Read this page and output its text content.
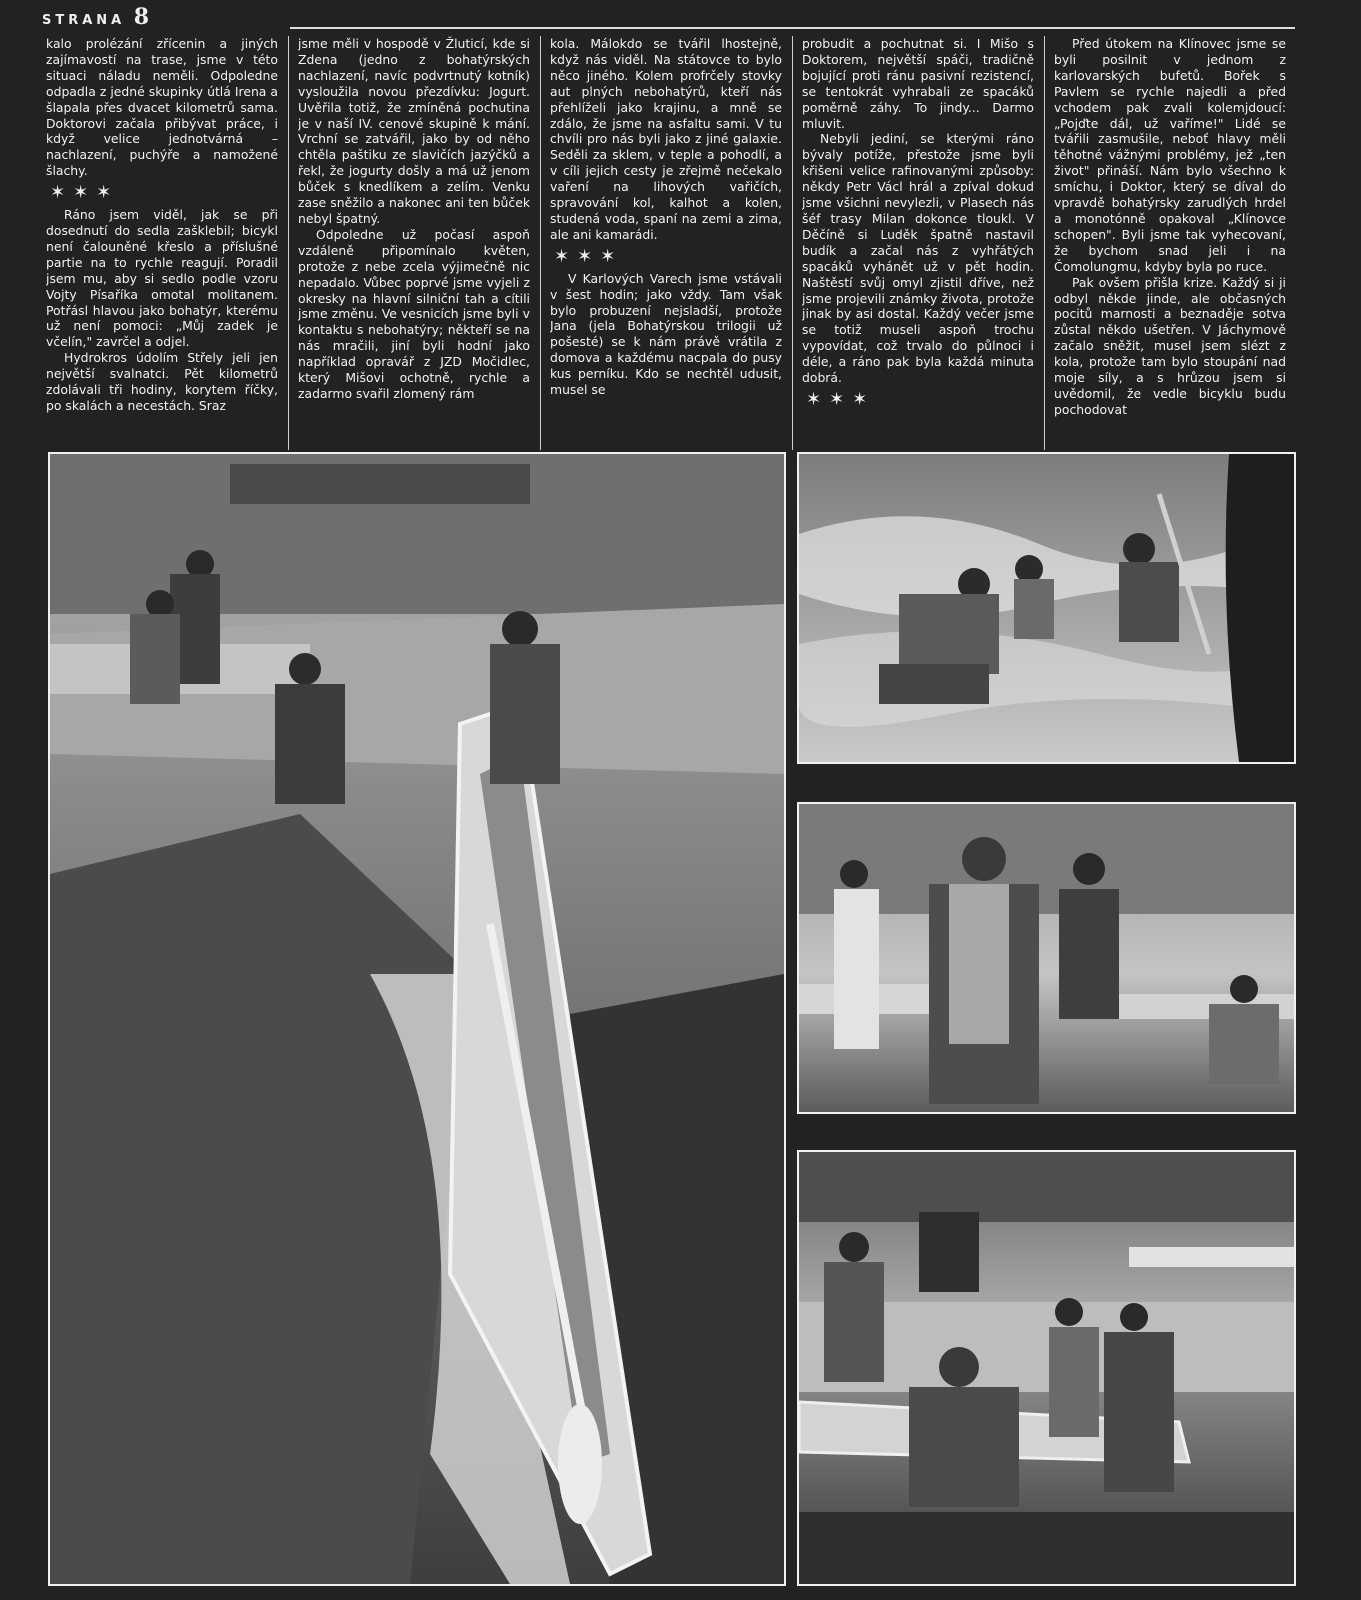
STRANA 8

kalo prolézání zřícenin a jiných zajímavostí na trase, jsme v této situaci náladu neměli. Odpoledne odpadla z jedné skupinky útlá Irena a šlapala přes dvacet kilometrů sama. Doktorovi začala přibývat práce, i když velice jednotvárná – nachlazení, puchýře a namožené šlachy.

✶✶✶

Ráno jsem viděl, jak se při dosednutí do sedla zašklebil; bicykl není čalouněné křeslo a příslušné partie na to rychle reagují. Poradil jsem mu, aby si sedlo podle vzoru Vojty Písaříka omotal molitanem. Potřásl hlavou jako bohatýr, kterému už není pomoci: „Můj zadek je včelín," zavrčel a odjel.

Hydrokros údolím Střely jeli jen největší svalnatci. Pět kilometrů zdolávali tři hodiny, korytem říčky, po skalách a necestách. Sraz

jsme měli v hospodě v Žluticí, kde si Zdena (jedno z bohatýrských nachlazení, navíc podvrtnutý kotník) vysloužila novou přezdívku: Jogurt. Uvěřila totiž, že zmíněná pochutina je v naší IV. cenové skupině k mání. Vrchní se zatvářil, jako by od něho chtěla paštiku ze slavičích jazýčků a řekl, že jogurty došly a má už jenom bůček s knedlíkem a zelím. Venku zase sněžilo a nakonec ani ten bůček nebyl špatný.

Odpoledne už počasí aspoň vzdáleně připomínalo květen, protože z nebe zcela výjimečně nic nepadalo. Vůbec poprvé jsme vyjeli z okresky na hlavní silniční tah a cítili jsme změnu. Ve vesnicích jsme byli v kontaktu s nebohatýry; někteří se na nás mračili, jiní byli hodní jako například opravář z JZD Močidlec, který Mišovi ochotně, rychle a zadarmo svařil zlomený rám

kola. Málokdo se tvářil lhostejně, když nás viděl. Na státovce to bylo něco jiného. Kolem profrčely stovky aut plných nebohatýrů, kteří nás přehlíželi jako krajinu, a mně se zdálo, že jsme na asfaltu sami. V tu chvíli pro nás byli jako z jiné galaxie. Seděli za sklem, v teple a pohodlí, a v cíli jejich cesty je zřejmě nečekalo vaření na lihových vařičích, spravování kol, kalhot a kolen, studená voda, spaní na zemi a zima, ale ani kamarádi.

✶✶✶

V Karlových Varech jsme vstávali v šest hodin; jako vždy. Tam však bylo probuzení nejsladší, protože Jana (jela Bohatýrskou trilogii už pošesté) se k nám právě vrátila z domova a každému nacpala do pusy kus perníku. Kdo se nechtěl udusit, musel se

probudit a pochutnat si. I Mišo s Doktorem, největší spáči, tradičně bojující proti ránu pasivní rezistencí, se tentokrát vyhrabali ze spacáků poměrně záhy. To jindy... Darmo mluvit.

Nebyli jediní, se kterými ráno bývaly potíže, přestože jsme byli křišeni velice rafinovanými způsoby: někdy Petr Václ hrál a zpíval dokud jsme všichni nevylezli, v Plasech nás šéf trasy Milan dokonce tloukl. V Děčíně si Luděk špatně nastavil budík a začal nás z vyhřátých spacáků vyhánět už v pět hodin. Naštěstí svůj omyl zjistil dříve, než jsme projevili známky života, protože jinak by asi dostal. Každý večer jsme se totiž museli aspoň trochu vypovídat, což trvalo do půlnoci i déle, a ráno pak byla každá minuta dobrá.

✶✶✶

Před útokem na Klínovec jsme se byli posilnit v jednom z karlovarských bufetů. Bořek s Pavlem se rychle najedli a před vchodem pak zvali kolemjdoucí: „Pojďte dál, už vaříme!" Lidé se tvářili zasmušile, neboť hlavy měli těhotné vážnými problémy, jež „ten život" přináší. Nám bylo všechno k smíchu, i Doktor, který se díval do vpravdě bohatýrsky zarudlých hrdel a monotónně opakoval „Klínovce schopen". Byli jsme tak vyhecovaní, že bychom snad jeli i na Čomolungmu, kdyby byla po ruce.

Pak ovšem přišla krize. Každý si ji odbyl někde jinde, ale občasných pocitů marnosti a beznaděje sotva zůstal někdo ušetřen. V Jáchymově začalo sněžit, musel jsem slézt z kola, protože tam bylo stoupání nad moje síly, a s hrůzou jsem si uvědomil, že vedle bicyklu budu pochodovat
